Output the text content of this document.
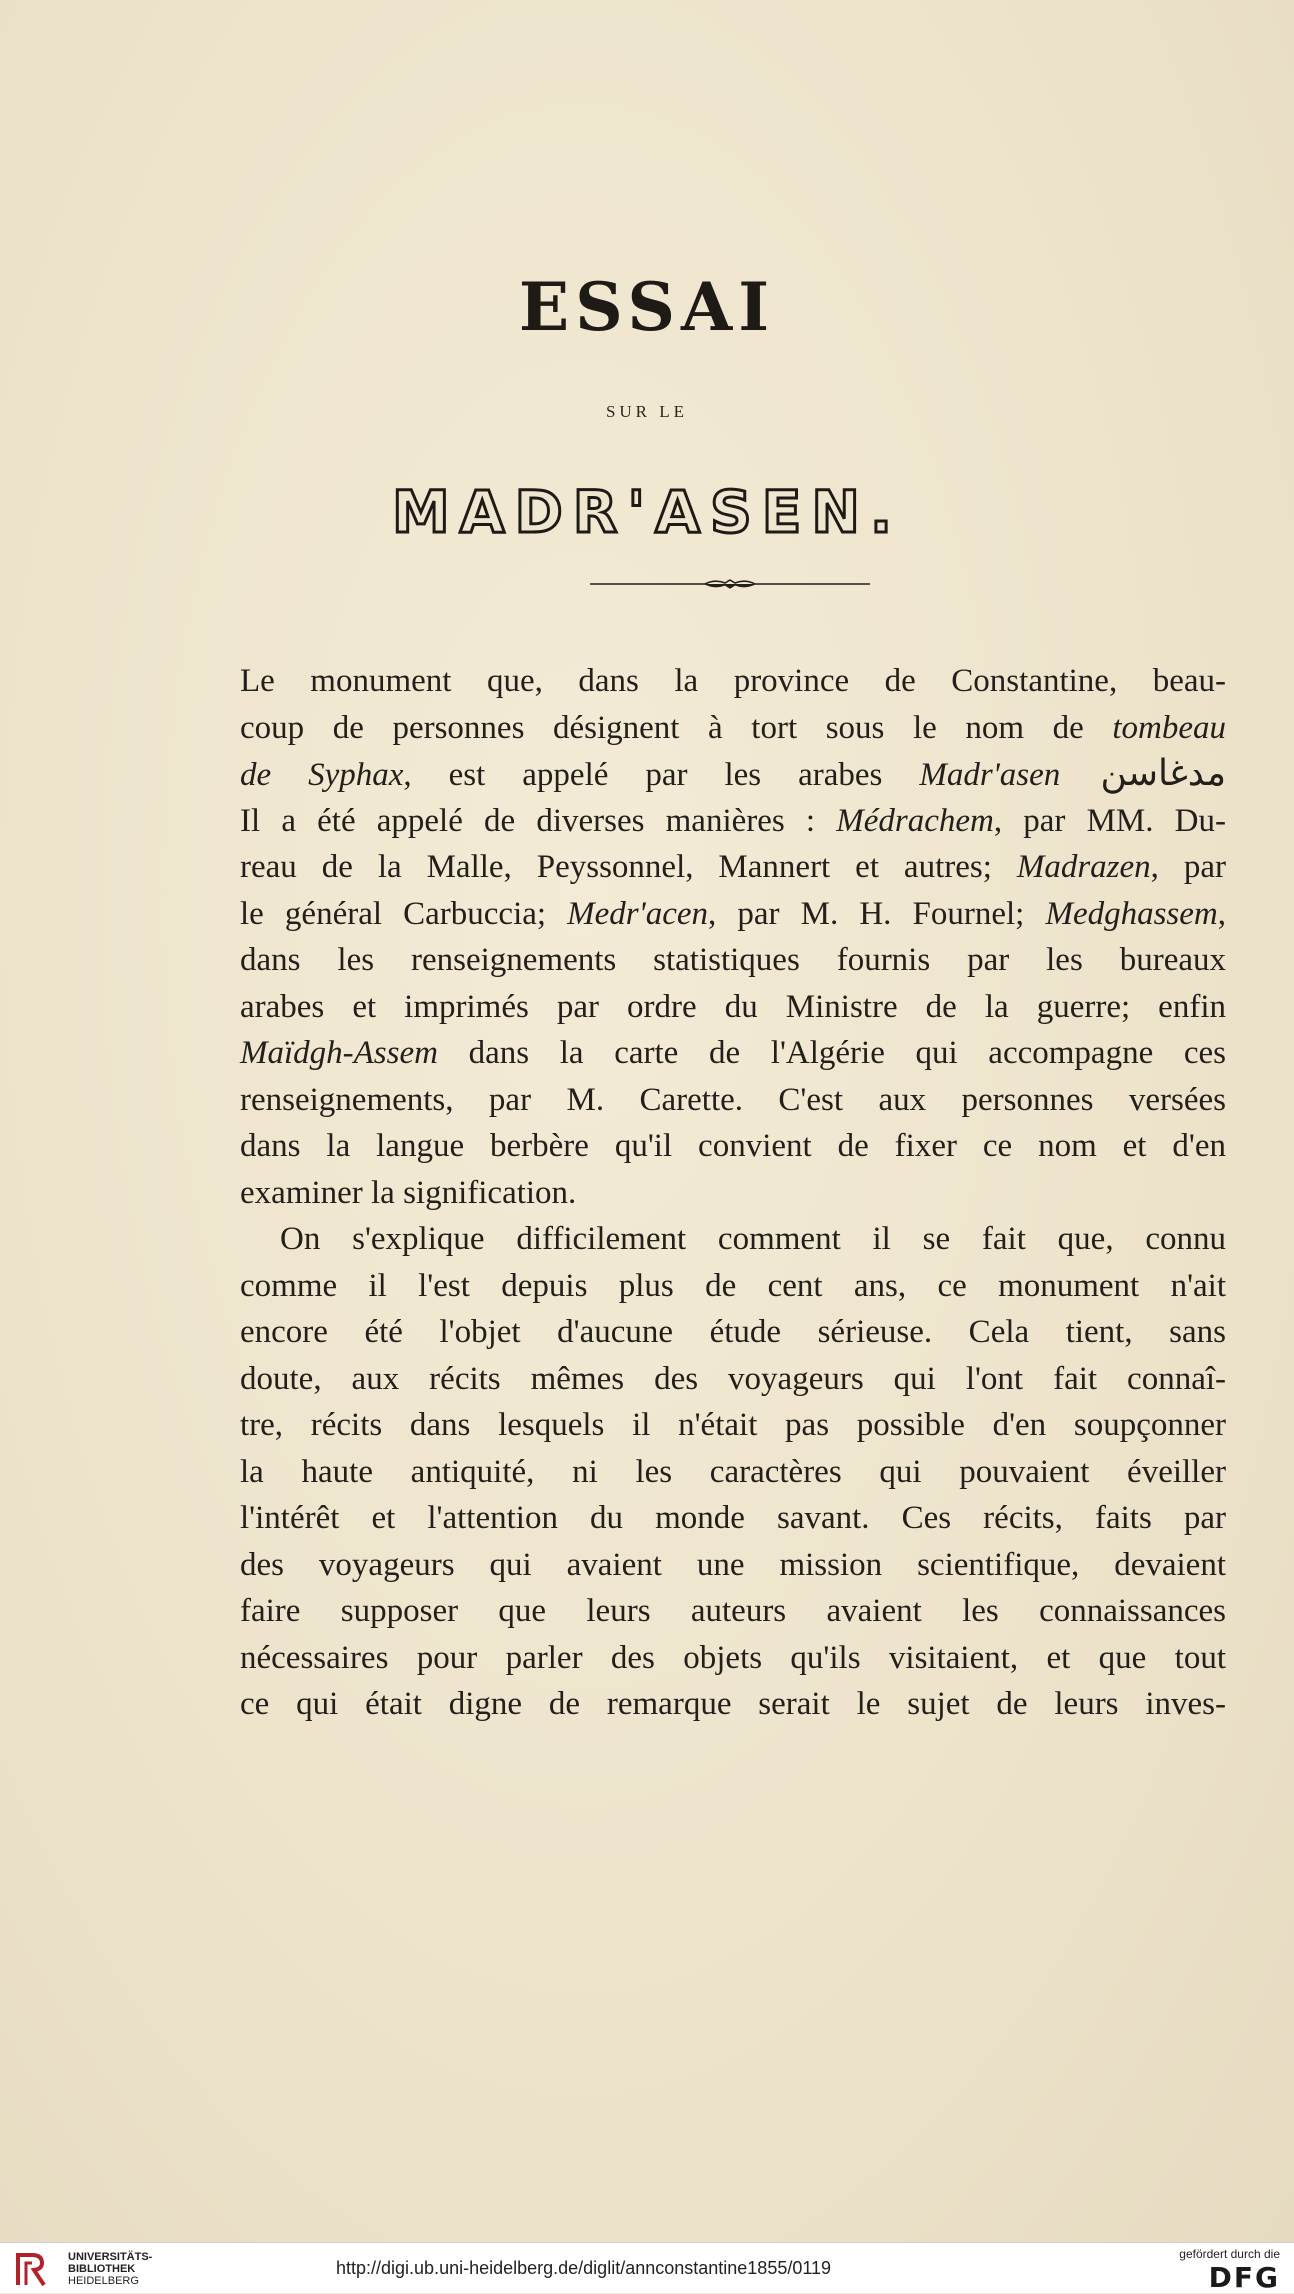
ESSAI
SUR LE
MADR'ASEN.
Le monument que, dans la province de Constantine, beau-
coup de personnes désignent à tort sous le nom de tombeau
de Syphax, est appelé par les arabes Madr'asen مدغاسن
Il a été appelé de diverses manières : Médrachem, par MM. Du-
reau de la Malle, Peyssonnel, Mannert et autres; Madrazen, par
le général Carbuccia; Medr'acen, par M. H. Fournel; Medghassem,
dans les renseignements statistiques fournis par les bureaux
arabes et imprimés par ordre du Ministre de la guerre; enfin
Maïdgh-Assem dans la carte de l'Algérie qui accompagne ces
renseignements, par M. Carette. C'est aux personnes versées
dans la langue berbère qu'il convient de fixer ce nom et d'en
examiner la signification.
On s'explique difficilement comment il se fait que, connu
comme il l'est depuis plus de cent ans, ce monument n'ait
encore été l'objet d'aucune étude sérieuse. Cela tient, sans
doute, aux récits mêmes des voyageurs qui l'ont fait connaî-
tre, récits dans lesquels il n'était pas possible d'en soupçonner
la haute antiquité, ni les caractères qui pouvaient éveiller
l'intérêt et l'attention du monde savant. Ces récits, faits par
des voyageurs qui avaient une mission scientifique, devaient
faire supposer que leurs auteurs avaient les connaissances
nécessaires pour parler des objets qu'ils visitaient, et que tout
ce qui était digne de remarque serait le sujet de leurs inves-
UNIVERSITÄTS-
BIBLIOTHEK
HEIDELBERG
http://digi.ub.uni-heidelberg.de/diglit/annconstantine1855/0119
gefördert durch die
DFG
